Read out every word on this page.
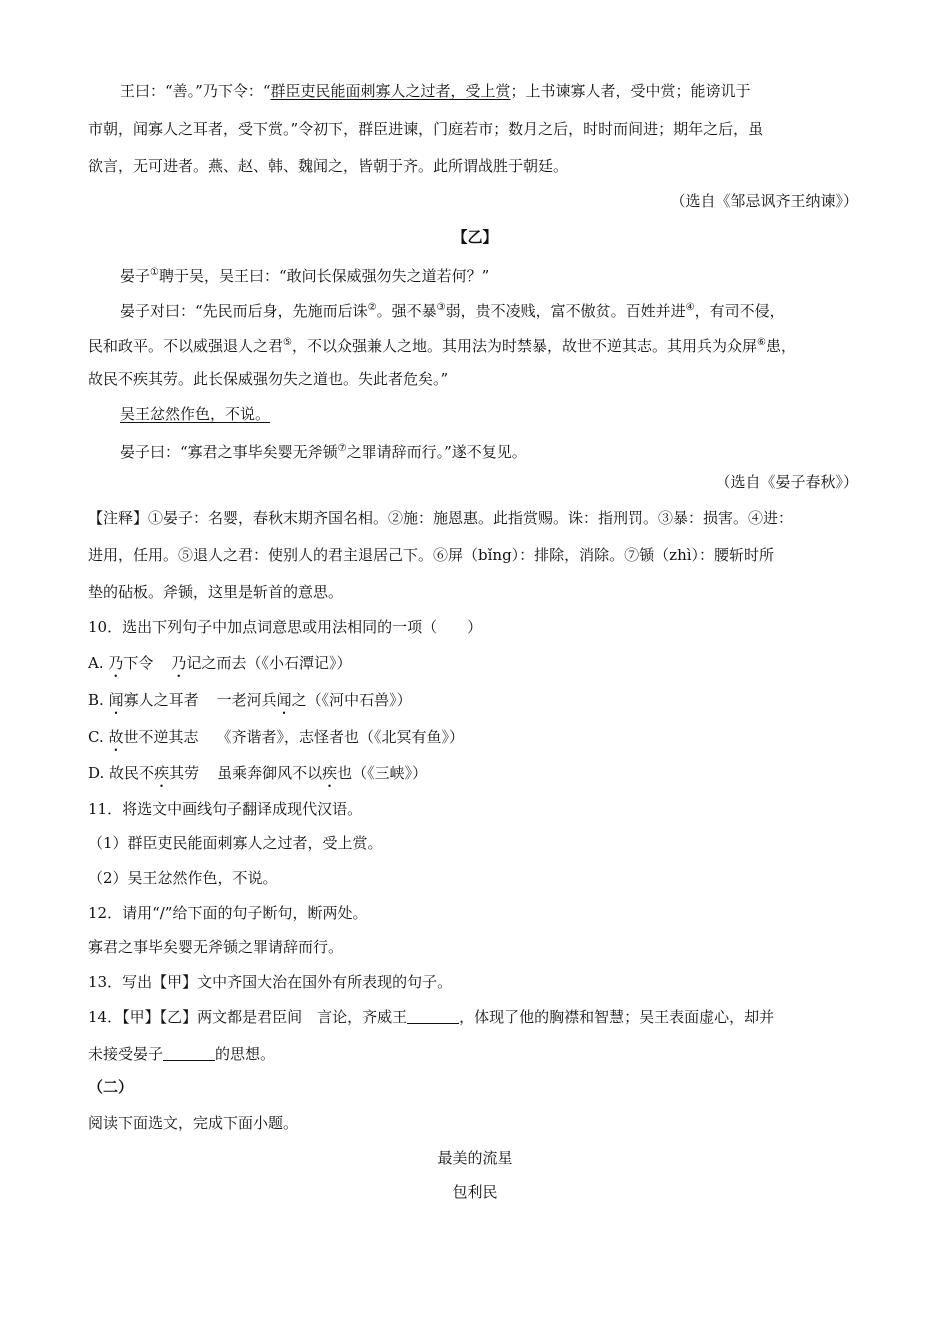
王曰：“善。”乃下令：“群臣吏民能面刺寡人之过者，受上赏；上书谏寡人者，受中赏；能谤讥于
市朝，闻寡人之耳者，受下赏。”令初下，群臣进谏，门庭若市；数月之后，时时而间进；期年之后，虽
欲言，无可进者。燕、赵、韩、魏闻之，皆朝于齐。此所谓战胜于朝廷。
（选自《邹忌讽齐王纳谏》）
【乙】
晏子①聘于吴，吴王曰：“敢问长保威强勿失之道若何？”
晏子对曰：“先民而后身，先施而后诛②。强不暴③弱，贵不凌贱，富不傲贫。百姓并进④，有司不侵，
民和政平。不以威强退人之君⑤，不以众强兼人之地。其用法为时禁暴，故世不逆其志。其用兵为众屏⑥患，
故民不疾其劳。此长保威强勿失之道也。失此者危矣。”
吴王忿然作色，不说。
晏子曰：“寡君之事毕矣婴无斧锧⑦之罪请辞而行。”遂不复见。
（选自《晏子春秋》）
【注释】①晏子：名婴，春秋末期齐国名相。②施：施恩惠。此指赏赐。诛：指刑罚。③暴：损害。④进：
进用，任用。⑤退人之君：使别人的君主退居己下。⑥屏（bǐng）：排除，消除。⑦锧（zhì）：腰斩时所
垫的砧板。斧锧，这里是斩首的意思。
10．选出下列句子中加点词意思或用法相同的一项（　　）
A. 乃下令 乃记之而去（《小石潭记》）
B. 闻寡人之耳者 一老河兵闻之（《河中石兽》）
C. 故世不逆其志 《齐谐者》，志怪者也（《北冥有鱼》）
D. 故民不疾其劳 虽乘奔御风不以疾也（《三峡》）
11．将选文中画线句子翻译成现代汉语。
（1）群臣吏民能面刺寡人之过者，受上赏。
（2）吴王忿然作色，不说。
12．请用“/”给下面的句子断句，断两处。
寡君之事毕矣婴无斧锧之罪请辞而行。
13．写出【甲】文中齐国大治在国外有所表现的句子。
14．【甲】【乙】两文都是君臣间　言论，齐威王	，体现了他的胸襟和智慧；吴王表面虚心，却并
未接受晏子	的思想。
（二）
阅读下面选文，完成下面小题。
最美的流星
包利民
